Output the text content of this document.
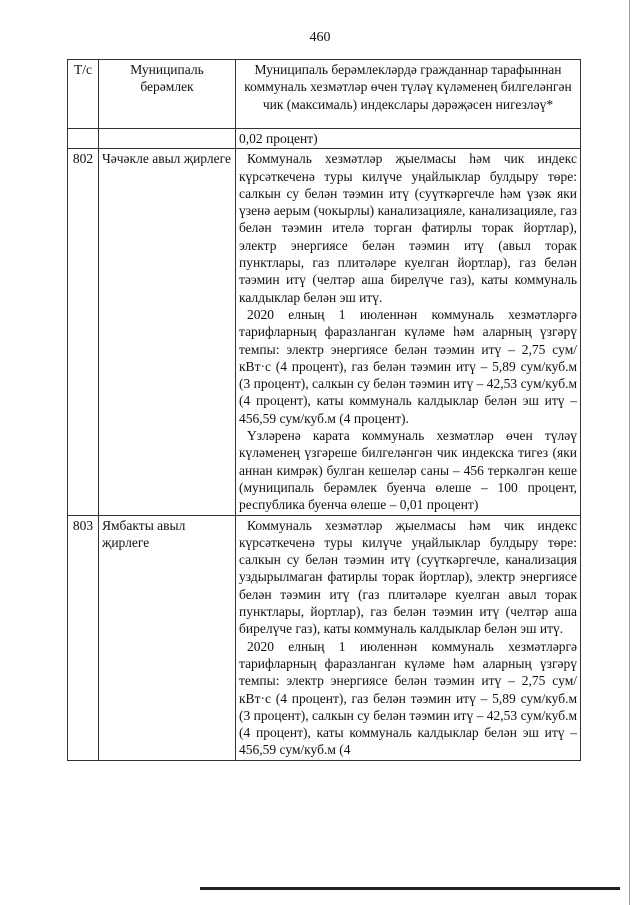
460
Т/с	Муниципаль берәмлек	Муниципаль берәмлекләрдә гражданнар тарафыннан коммуналь хезмәтләр өчен түләү күләменең билгеләнгән чик (максималь) индекслары дәрәҗәсен нигезләү*

		0,02 процент)

802	Чәчәкле авыл җирлеге	Коммуналь хезмәтләр җыелмасы һәм чик индекс күрсәткеченә туры килүче уңайлыклар булдыру төре: салкын су белән тәэмин итү (суүткәргечле һәм үзәк яки үзенә аерым (чокырлы) канализацияле, канализацияле, газ белән тәэмин ителә торган фатирлы торак йортлар), электр энергиясе белән тәэмин итү (авыл торак пунктлары, газ плитәләре куелган йортлар), газ белән тәэмин итү (челтәр аша бирелүче газ), каты коммуналь калдыклар белән эш итү.

2020 елның 1 июленнән коммуналь хезмәтләргә тарифларның фаразланган күләме һәм аларның үзгәрү темпы: электр энергиясе белән тәэмин итү – 2,75 сум/кВт·с (4 процент), газ белән тәэмин итү – 5,89 сум/куб.м (3 процент), салкын су белән тәэмин итү – 42,53 сум/куб.м (4 процент), каты коммуналь калдыклар белән эш итү – 456,59 сум/куб.м (4 процент).

Үзләренә карата коммуналь хезмәтләр өчен түләү күләменең үзгәреше билгеләнгән чик индекска тигез (яки аннан кимрәк) булган кешеләр саны – 456 теркәлгән кеше (муниципаль берәмлек буенча өлеше – 100 процент, республика буенча өлеше – 0,01 процент)

803	Ямбакты авыл җирлеге	Коммуналь хезмәтләр җыелмасы һәм чик индекс күрсәткеченә туры килүче уңайлыклар булдыру төре: салкын су белән тәэмин итү (суүткәргечле, канализация уздырылмаган фатирлы торак йортлар), электр энергиясе белән тәэмин итү (газ плитәләре куелган авыл торак пунктлары, йортлар), газ белән тәэмин итү (челтәр аша бирелүче газ), каты коммуналь калдыклар белән эш итү.

2020 елның 1 июленнән коммуналь хезмәтләргә тарифларның фаразланган күләме һәм аларның үзгәрү темпы: электр энергиясе белән тәэмин итү – 2,75 сум/кВт·с (4 процент), газ белән тәэмин итү – 5,89 сум/куб.м (3 процент), салкын су белән тәэмин итү – 42,53 сум/куб.м (4 процент), каты коммуналь калдыклар белән эш итү – 456,59 сум/куб.м (4
